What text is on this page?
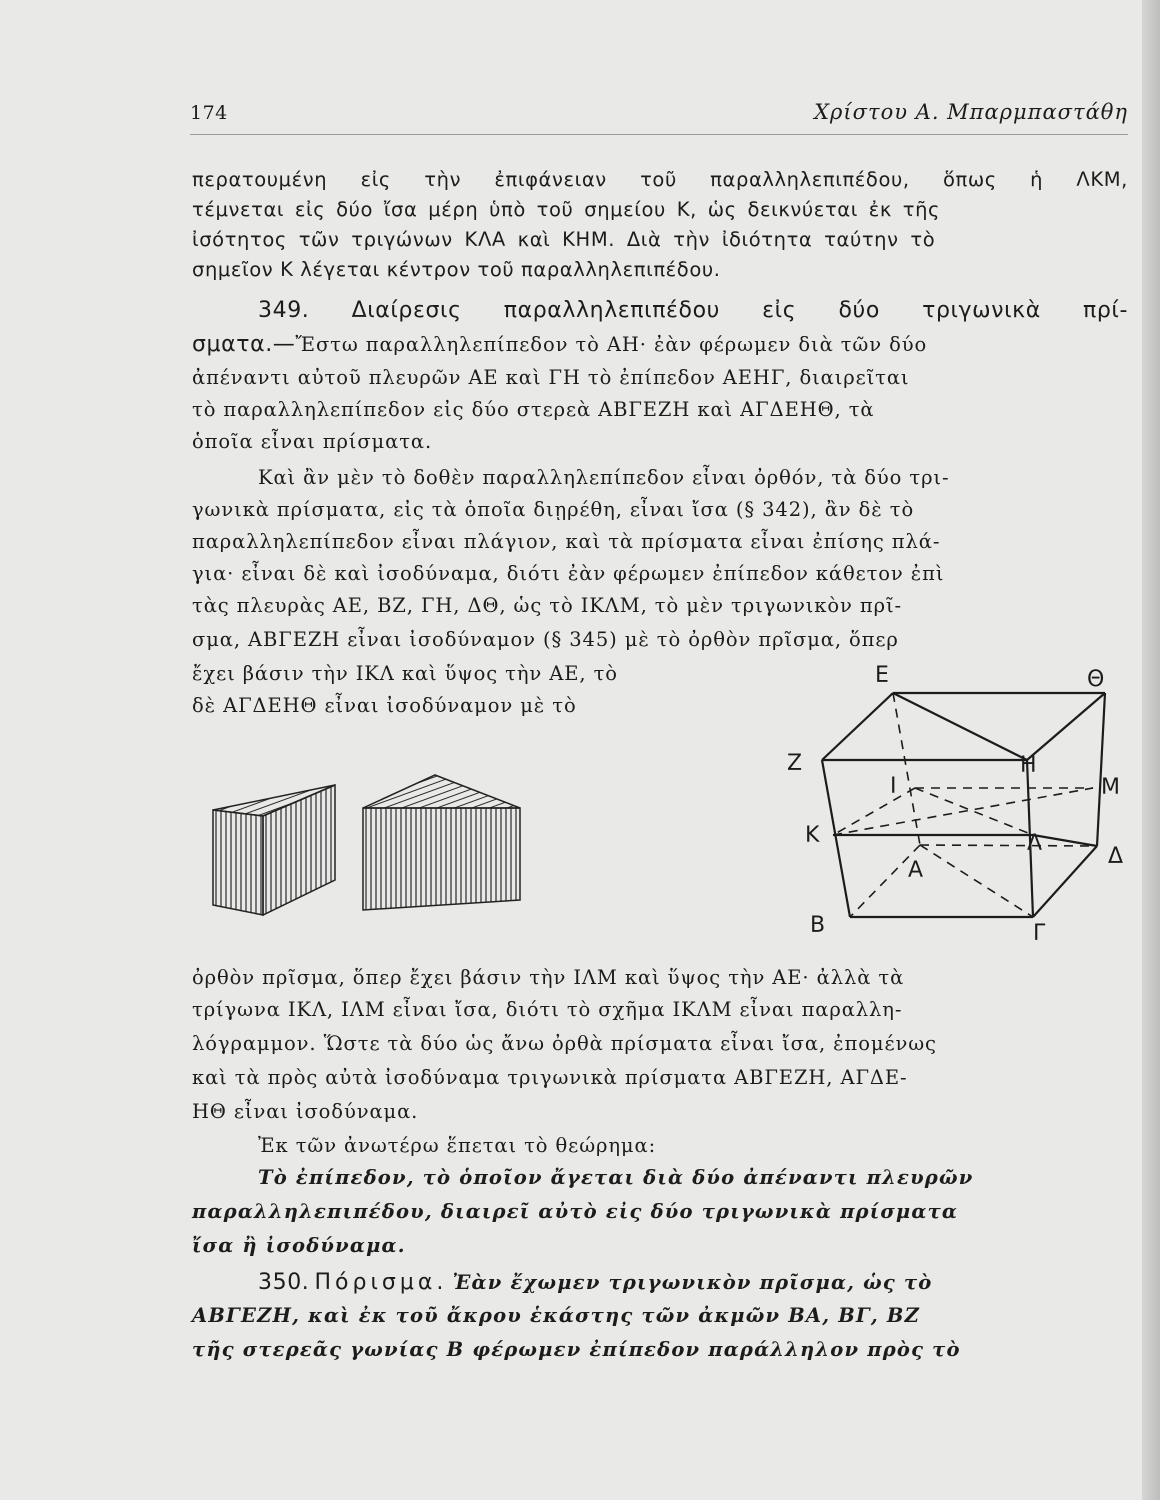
174	Χρίστου Α. Μπαρμπαστάθη
περατουμένη εἰς τὴν ἐπιφάνειαν τοῦ παραλληλεπιπέδου, ὅπως ἡ ΛΚΜ,
τέμνεται εἰς δύο ἴσα μέρη ὑπὸ τοῦ σημείου Κ, ὡς δεικνύεται ἐκ τῆς
ἰσότητος τῶν τριγώνων ΚΛΑ καὶ ΚΗΜ. Διὰ τὴν ἰδιότητα ταύτην τὸ
σημεῖον Κ λέγεται κέντρον τοῦ παραλληλεπιπέδου.
349. Διαίρεσις παραλληλεπιπέδου εἰς δύο τριγωνικὰ πρί-
σματα.—Ἔστω παραλληλεπίπεδον τὸ ΑΗ· ἐὰν φέρωμεν διὰ τῶν δύο
ἀπέναντι αὐτοῦ πλευρῶν ΑΕ καὶ ΓΗ τὸ ἐπίπεδον ΑΕΗΓ, διαιρεῖται
τὸ παραλληλεπίπεδον εἰς δύο στερεὰ ΑΒΓΕΖΗ καὶ ΑΓΔΕΗΘ, τὰ
ὁποῖα εἶναι πρίσματα.
Καὶ ἂν μὲν τὸ δοθὲν παραλληλεπίπεδον εἶναι ὀρθόν, τὰ δύο τρι-
γωνικὰ πρίσματα, εἰς τὰ ὁποῖα διῃρέθη, εἶναι ἴσα (§ 342), ἂν δὲ τὸ
παραλληλεπίπεδον εἶναι πλάγιον, καὶ τὰ πρίσματα εἶναι ἐπίσης πλά-
για· εἶναι δὲ καὶ ἰσοδύναμα, διότι ἐὰν φέρωμεν ἐπίπεδον κάθετον ἐπὶ
τὰς πλευρὰς ΑΕ, ΒΖ, ΓΗ, ΔΘ, ὡς τὸ ΙΚΛΜ, τὸ μὲν τριγωνικὸν πρῖ-
σμα, ΑΒΓΕΖΗ εἶναι ἰσοδύναμον (§ 345) μὲ τὸ ὀρθὸν πρῖσμα, ὅπερ
ἔχει βάσιν τὴν ΙΚΛ καὶ ὕψος τὴν ΑΕ, τὸ
δὲ ΑΓΔΕΗΘ εἶναι ἰσοδύναμον μὲ τὸ
Ε	Θ
Ζ	Η
Ι	Μ
Κ	Λ
Δ
Α
Β	Γ
ὀρθὸν πρῖσμα, ὅπερ ἔχει βάσιν τὴν ΙΛΜ καὶ ὕψος τὴν ΑΕ· ἀλλὰ τὰ
τρίγωνα ΙΚΛ, ΙΛΜ εἶναι ἴσα, διότι τὸ σχῆμα ΙΚΛΜ εἶναι παραλλη-
λόγραμμον. Ὥστε τὰ δύο ὡς ἄνω ὀρθὰ πρίσματα εἶναι ἴσα, ἐπομένως
καὶ τὰ πρὸς αὐτὰ ἰσοδύναμα τριγωνικὰ πρίσματα ΑΒΓΕΖΗ, ΑΓΔΕ-
ΗΘ εἶναι ἰσοδύναμα.
Ἐκ τῶν ἀνωτέρω ἕπεται τὸ θεώρημα:
Τὸ ἐπίπεδον, τὸ ὁποῖον ἄγεται διὰ δύο ἀπέναντι πλευρῶν
παραλληλεπιπέδου, διαιρεῖ αὐτὸ εἰς δύο τριγωνικὰ πρίσματα
ἴσα ἢ ἰσοδύναμα.
350. Πόρισμα. Ἐὰν ἔχωμεν τριγωνικὸν πρῖσμα, ὡς τὸ
ΑΒΓΕΖΗ, καὶ ἐκ τοῦ ἄκρου ἑκάστης τῶν ἀκμῶν ΒΑ, ΒΓ, ΒΖ
τῆς στερεᾶς γωνίας Β φέρωμεν ἐπίπεδον παράλληλον πρὸς τὸ
